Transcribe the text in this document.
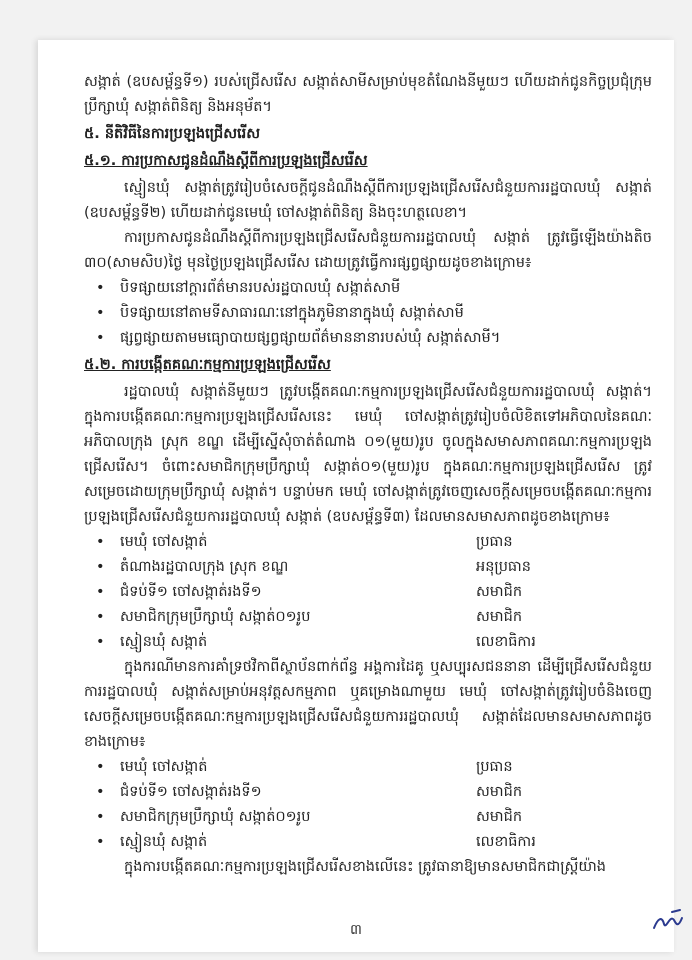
សង្កាត់ (ឧបសម្ព័ន្ធទី១) របស់ជ្រើសរើស សង្កាត់សាមីសម្រាប់មុខតំណែងនីមួយៗ ហើយដាក់ជូនកិច្ចប្រជុំក្រុមប្រឹក្សាឃុំ សង្កាត់ពិនិត្យ និងអនុម័ត។

៥. នីតិវិធីនៃការប្រឡងជ្រើសរើស
៥.១. ការប្រកាសជូនដំណឹងស្តីពីការប្រឡងជ្រើសរើស

ស្មៀនឃុំ សង្កាត់ត្រូវរៀបចំសេចក្តីជូនដំណឹងស្តីពីការប្រឡងជ្រើសរើសជំនួយការរដ្ឋបាលឃុំ សង្កាត់ (ឧបសម្ព័ន្ធទី២) ហើយដាក់ជូនមេឃុំ ចៅសង្កាត់ពិនិត្យ និងចុះហត្ថលេខា។

ការប្រកាសជូនដំណឹងស្តីពីការប្រឡងជ្រើសរើសជំនួយការរដ្ឋបាលឃុំ សង្កាត់ ត្រូវធ្វើឡើងយ៉ាងតិច ៣០(សាមសិប)ថ្ងៃ មុនថ្ងៃប្រឡងជ្រើសរើស ដោយត្រូវធ្វើការផ្សព្វផ្សាយដូចខាងក្រោម៖

• បិទផ្សាយនៅក្តារព័ត៌មានរបស់រដ្ឋបាលឃុំ សង្កាត់សាមី
• បិទផ្សាយនៅតាមទីសាធារណៈនៅក្នុងភូមិនានាក្នុងឃុំ សង្កាត់សាមី
• ផ្សព្វផ្សាយតាមមធ្យោបាយផ្សព្វផ្សាយព័ត៌មាននានារបស់ឃុំ សង្កាត់សាមី។
៥.២. ការបង្កើតគណៈកម្មការប្រឡងជ្រើសរើស

រដ្ឋបាលឃុំ សង្កាត់នីមួយៗ ត្រូវបង្កើតគណៈកម្មការប្រឡងជ្រើសរើសជំនួយការរដ្ឋបាលឃុំ សង្កាត់។ ក្នុងការបង្កើតគណៈកម្មការប្រឡងជ្រើសរើសនេះ មេឃុំ ចៅសង្កាត់ត្រូវរៀបចំលិខិតទៅអភិបាលនៃគណៈអភិបាលក្រុង ស្រុក ខណ្ឌ ដើម្បីស្នើសុំចាត់តំណាង ០១(មួយ)រូប ចូលក្នុងសមាសភាពគណៈកម្មការប្រឡងជ្រើសរើស។ ចំពោះសមាជិកក្រុមប្រឹក្សាឃុំ សង្កាត់០១(មួយ)រូប ក្នុងគណៈកម្មការប្រឡងជ្រើសរើស ត្រូវសម្រេចដោយក្រុមប្រឹក្សាឃុំ សង្កាត់។ បន្ទាប់មក មេឃុំ ចៅសង្កាត់ត្រូវចេញសេចក្តីសម្រេចបង្កើតគណៈកម្មការប្រឡងជ្រើសរើសជំនួយការរដ្ឋបាលឃុំ សង្កាត់ (ឧបសម្ព័ន្ធទី៣) ដែលមានសមាសភាពដូចខាងក្រោម៖

• មេឃុំ ចៅសង្កាត់	ប្រធាន
• តំណាងរដ្ឋបាលក្រុង ស្រុក ខណ្ឌ	អនុប្រធាន
• ជំទប់ទី១ ចៅសង្កាត់រងទី១	សមាជិក
• សមាជិកក្រុមប្រឹក្សាឃុំ សង្កាត់០១រូប	សមាជិក
• ស្មៀនឃុំ សង្កាត់	លេខាធិការ

ក្នុងករណីមានការគាំទ្រថវិកាពីស្ថាប័នពាក់ព័ន្ធ អង្គការដៃគូ ឬសប្បុរសជននានា ដើម្បីជ្រើសរើសជំនួយការរដ្ឋបាលឃុំ សង្កាត់សម្រាប់អនុវត្តសកម្មភាព ឬគម្រោងណាមួយ មេឃុំ ចៅសង្កាត់ត្រូវរៀបចំនិងចេញសេចក្តីសម្រេចបង្កើតគណៈកម្មការប្រឡងជ្រើសរើសជំនួយការរដ្ឋបាលឃុំ សង្កាត់ដែលមានសមាសភាពដូចខាងក្រោម៖

• មេឃុំ ចៅសង្កាត់	ប្រធាន
• ជំទប់ទី១ ចៅសង្កាត់រងទី១	សមាជិក
• សមាជិកក្រុមប្រឹក្សាឃុំ សង្កាត់០១រូប	សមាជិក
• ស្មៀនឃុំ សង្កាត់	លេខាធិការ

ក្នុងការបង្កើតគណៈកម្មការប្រឡងជ្រើសរើសខាងលើនេះ ត្រូវធានាឱ្យមានសមាជិកជាស្ត្រីយ៉ាង

៣
